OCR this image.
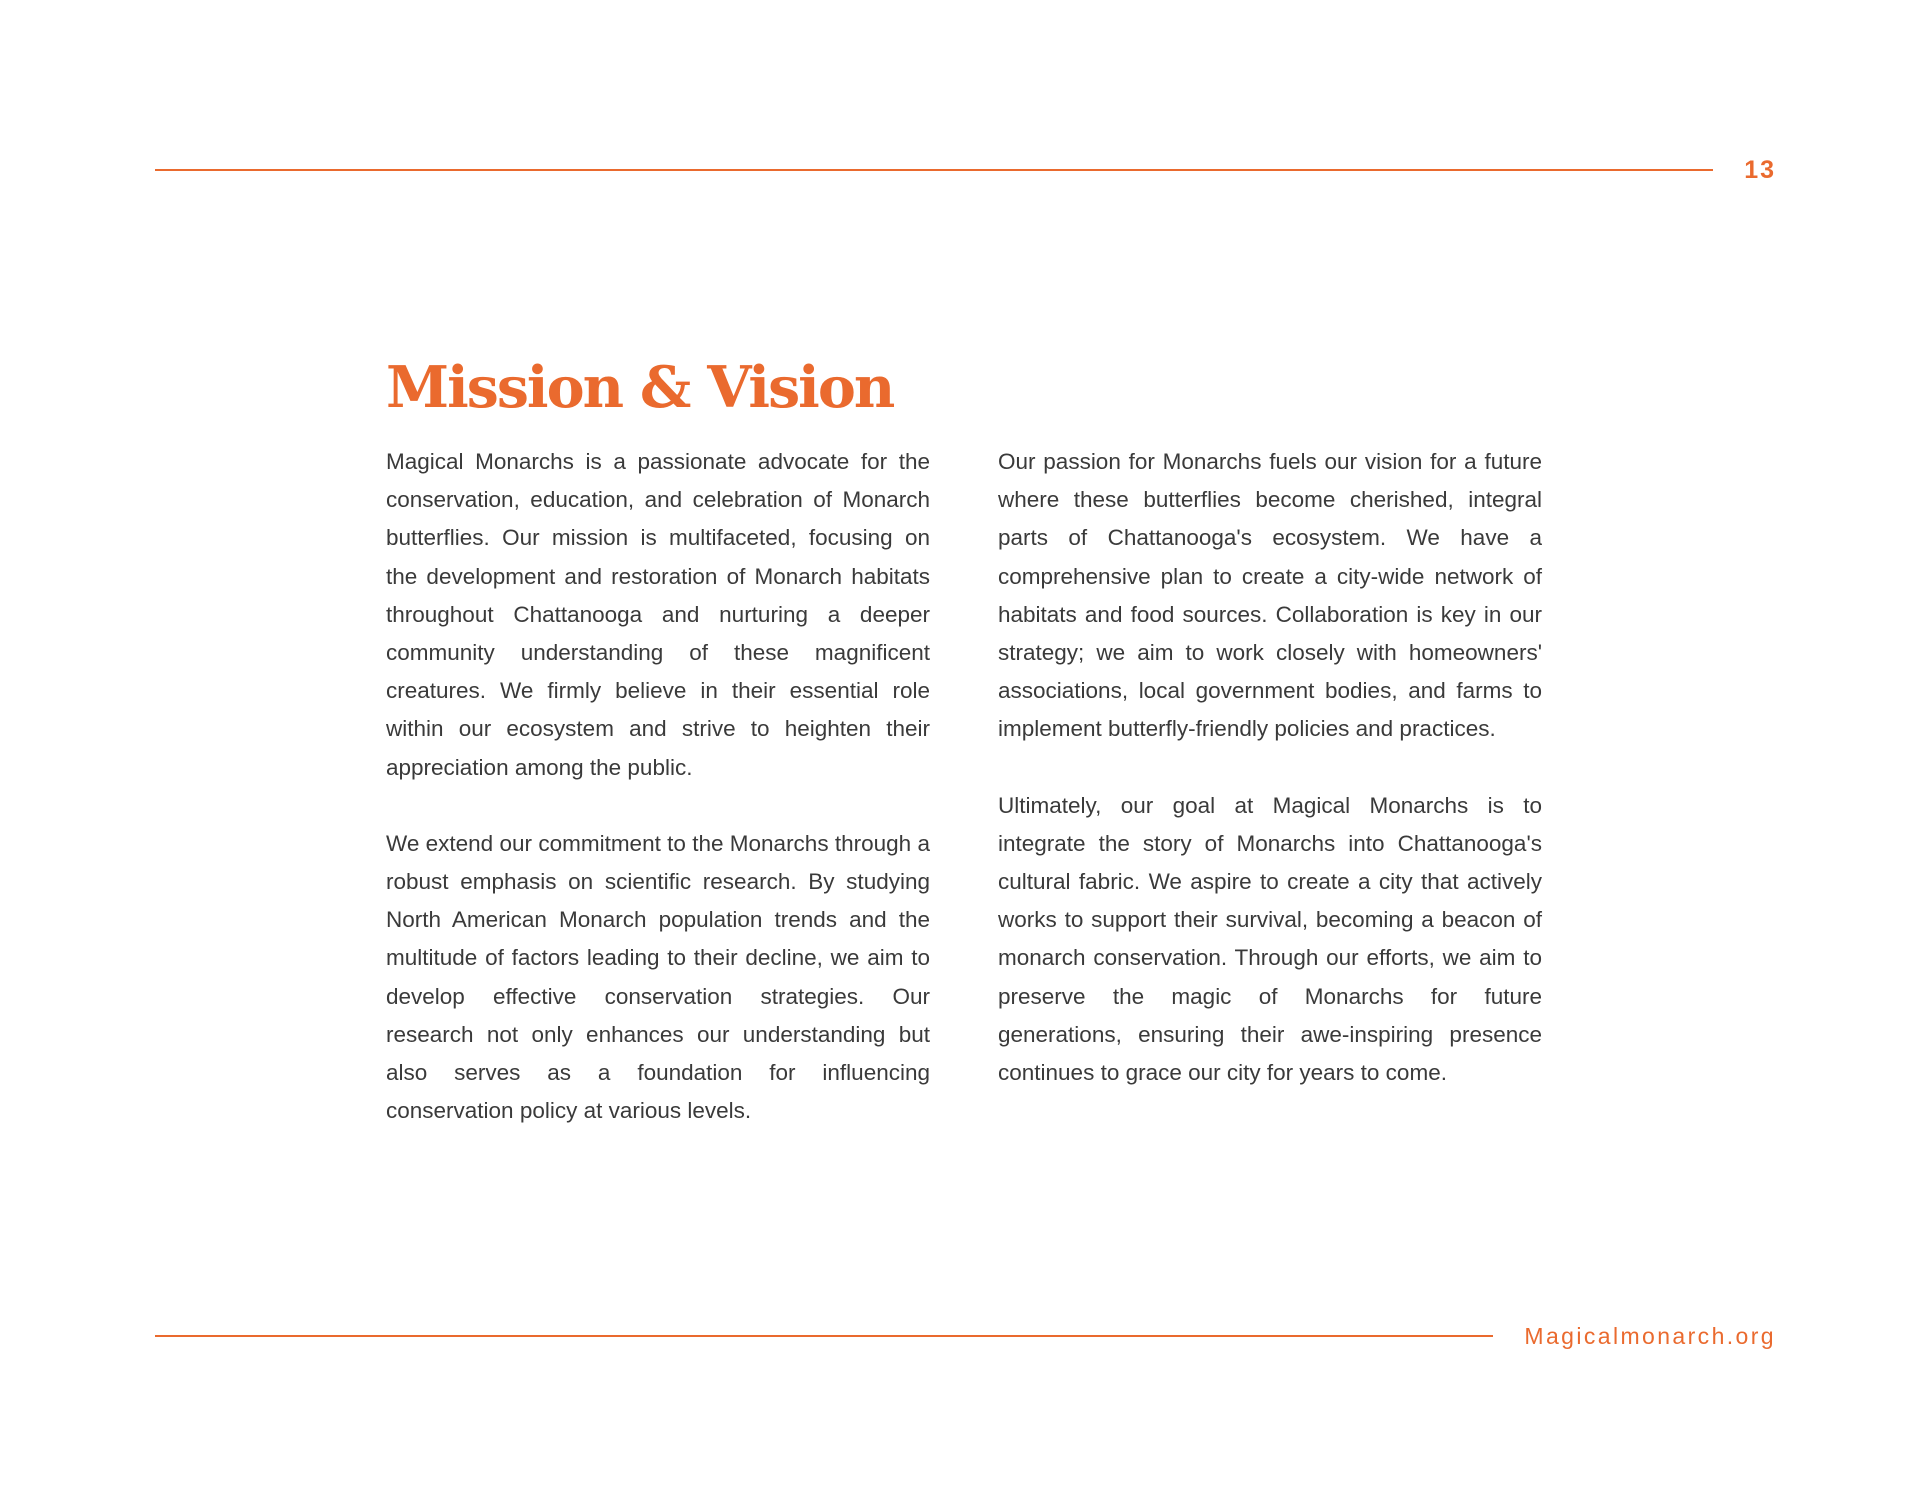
13
Mission & Vision

Magical Monarchs is a passionate advocate for the conservation, education, and celebration of Monarch butterflies. Our mission is multifaceted, focusing on the development and restoration of Monarch habitats throughout Chattanooga and nurturing a deeper community understanding of these magnificent creatures. We firmly believe in their essential role within our ecosystem and strive to heighten their appreciation among the public.

We extend our commitment to the Monarchs through a robust emphasis on scientific research. By studying North American Monarch population trends and the multitude of factors leading to their decline, we aim to develop effective conservation strategies. Our research not only enhances our understanding but also serves as a foundation for influencing conservation policy at various levels.

Our passion for Monarchs fuels our vision for a future where these butterflies become cherished, integral parts of Chattanooga's ecosystem. We have a comprehensive plan to create a city-wide network of habitats and food sources. Collaboration is key in our strategy; we aim to work closely with homeowners' associations, local government bodies, and farms to implement butterfly-friendly policies and practices.

Ultimately, our goal at Magical Monarchs is to integrate the story of Monarchs into Chattanooga's cultural fabric. We aspire to create a city that actively works to support their survival, becoming a beacon of monarch conservation. Through our efforts, we aim to preserve the magic of Monarchs for future generations, ensuring their awe-inspiring presence continues to grace our city for years to come.

Magicalmonarch.org
